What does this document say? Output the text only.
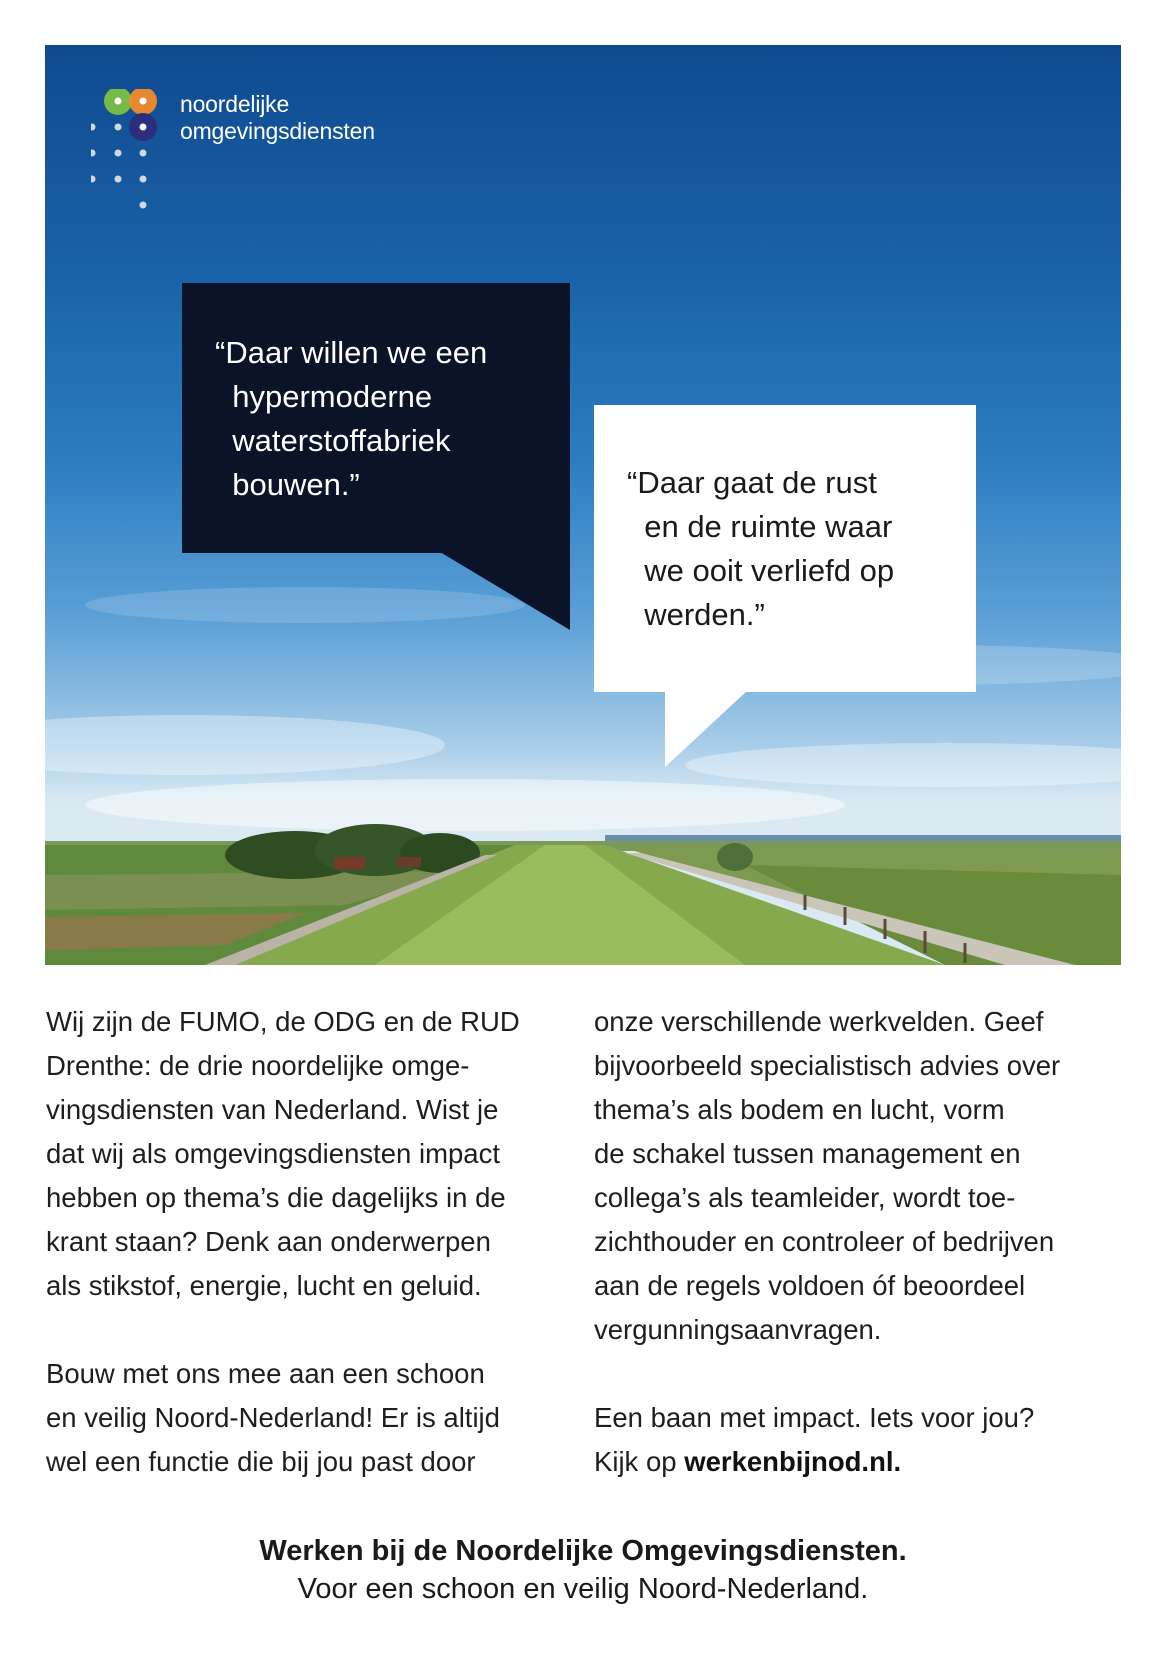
noordelijke
omgevingsdiensten
“Daar willen we een
hypermoderne
waterstoffabriek
bouwen.”	“Daar gaat de rust
en de ruimte waar
we ooit verliefd op
werden.”
Wij zijn de FUMO, de ODG en de RUD
Drenthe: de drie noordelijke omge-
vingsdiensten van Nederland. Wist je
dat wij als omgevingsdiensten impact
hebben op thema’s die dagelijks in de
krant staan? Denk aan onderwerpen
als stikstof, energie, lucht en geluid.

Bouw met ons mee aan een schoon
en veilig Noord-Nederland! Er is altijd
wel een functie die bij jou past door
onze verschillende werkvelden. Geef
bijvoorbeeld specialistisch advies over
thema’s als bodem en lucht, vorm
de schakel tussen management en
collega’s als teamleider, wordt toe-
zichthouder en controleer of bedrijven
aan de regels voldoen óf beoordeel
vergunningsaanvragen.

Een baan met impact. Iets voor jou?
Kijk op werkenbijnod.nl.
Werken bij de Noordelijke Omgevingsdiensten.
Voor een schoon en veilig Noord-Nederland.
